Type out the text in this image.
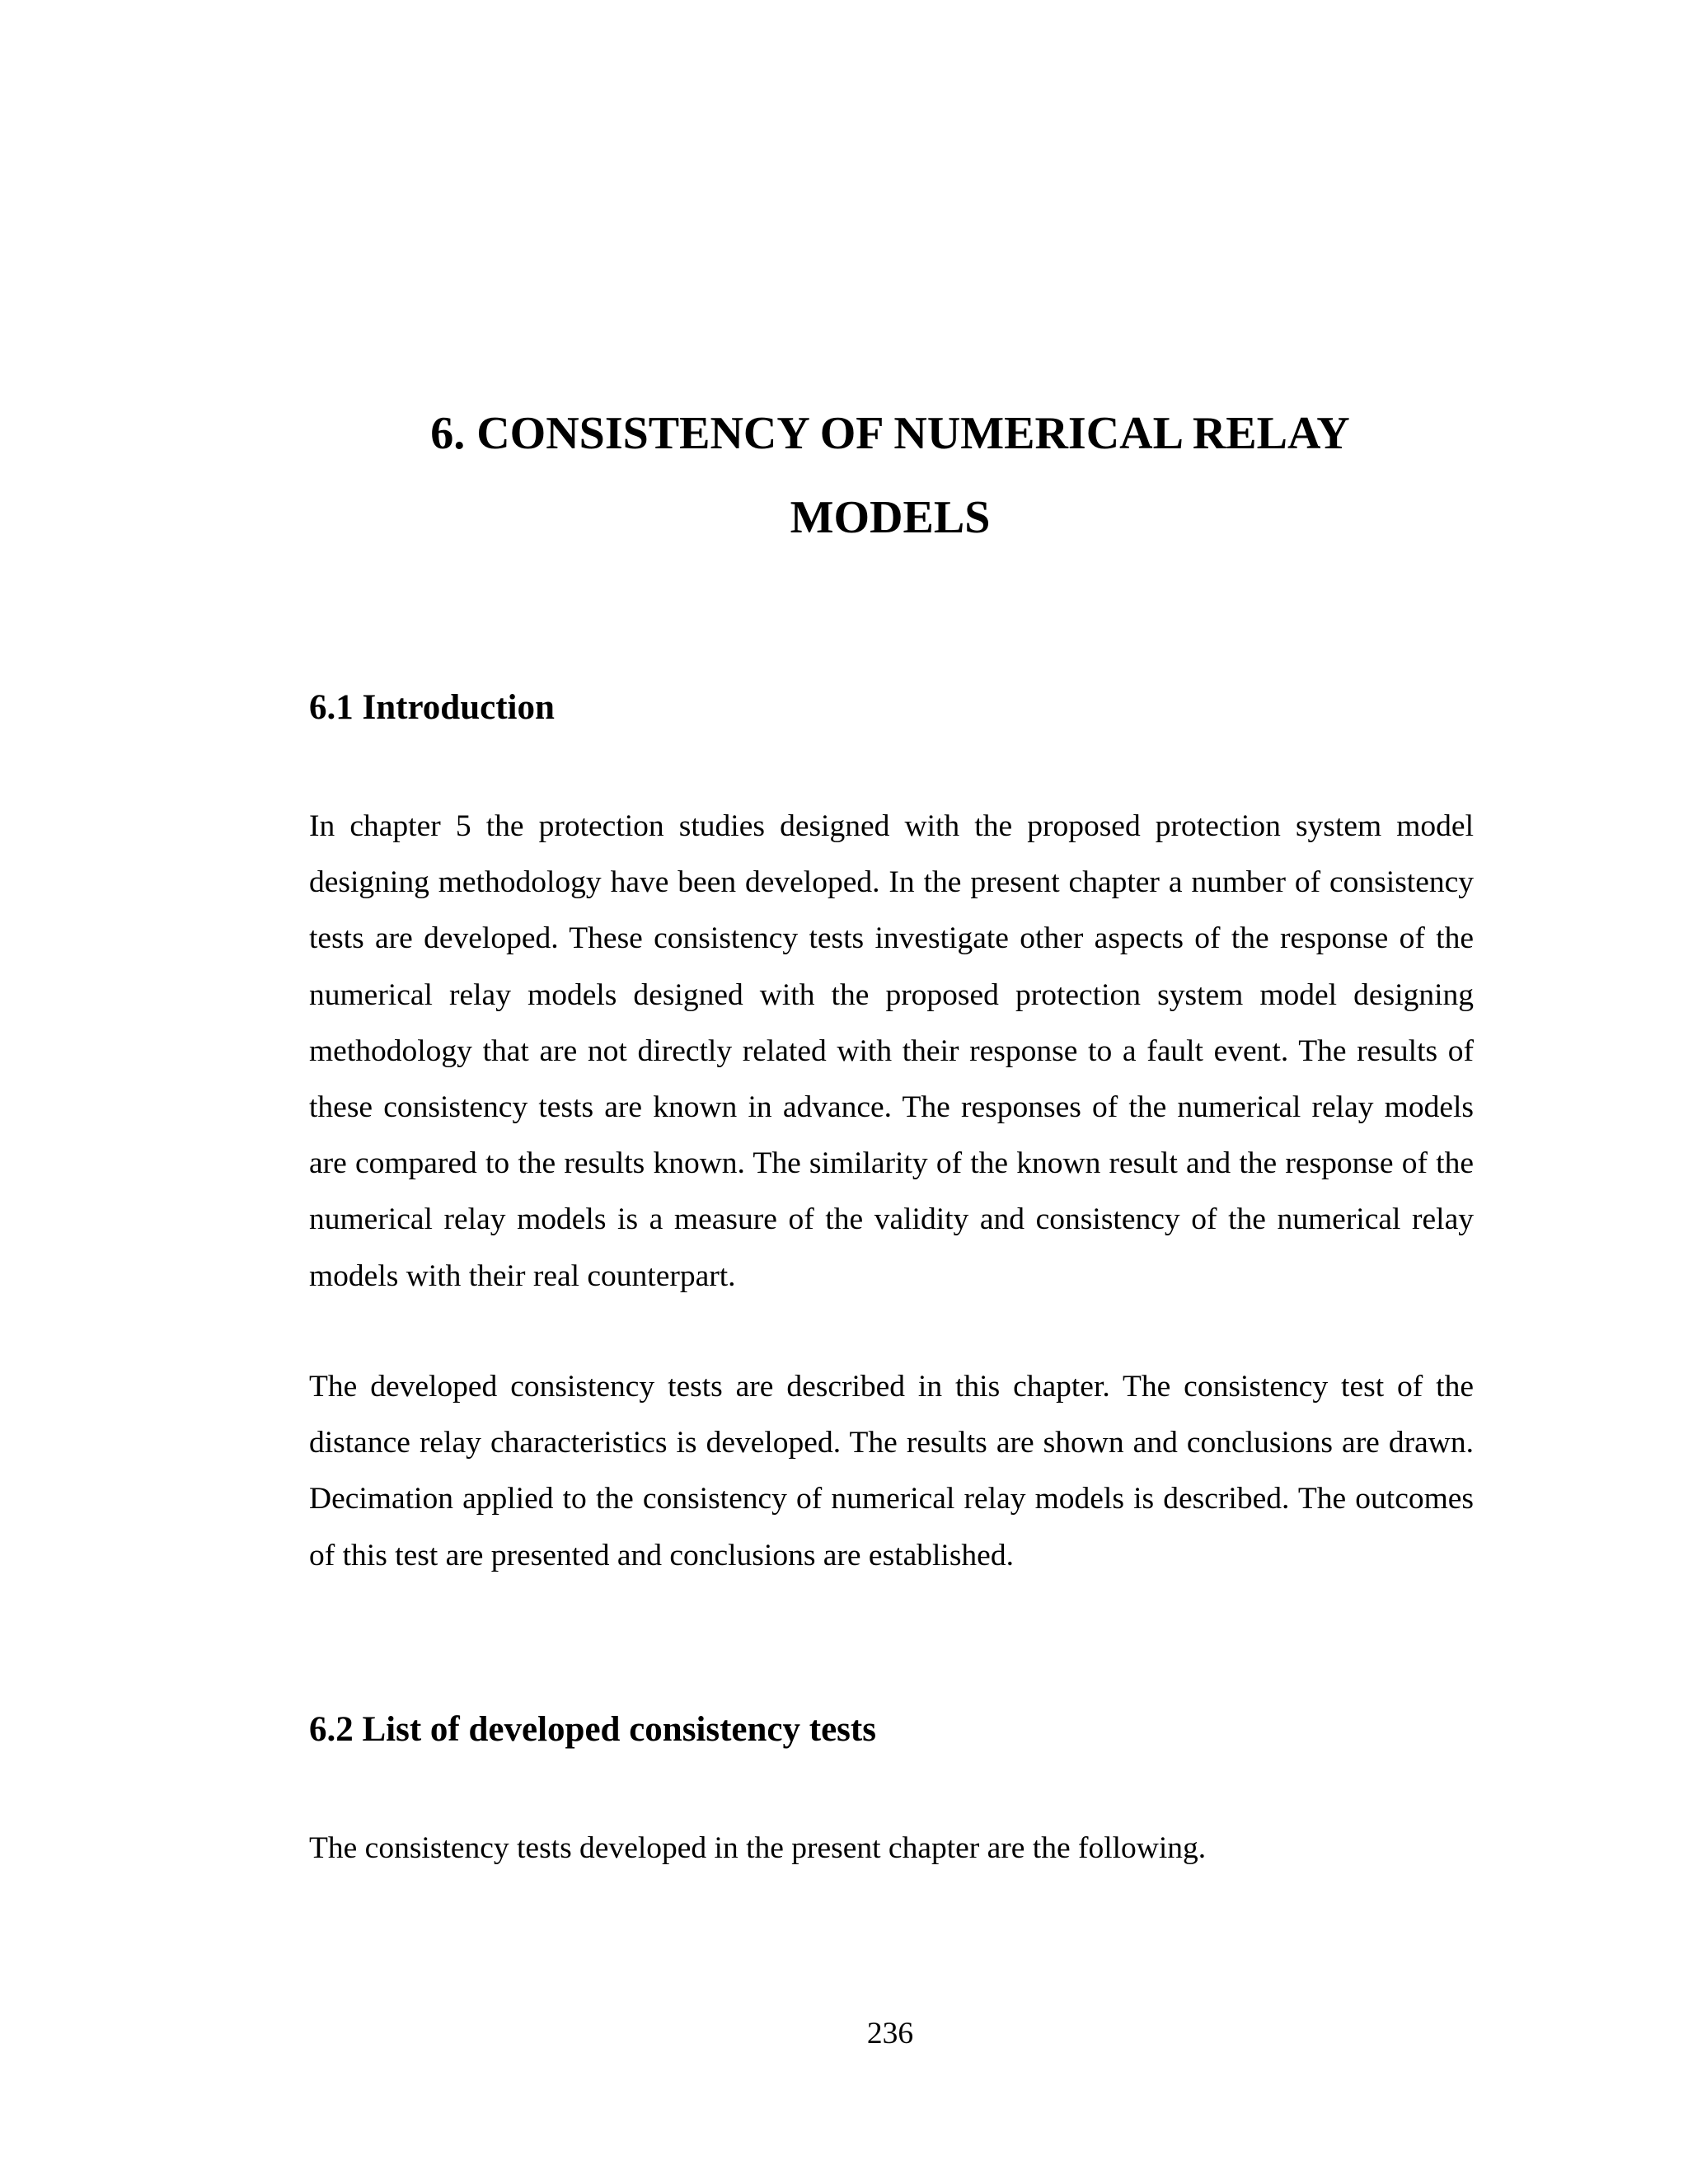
6. CONSISTENCY OF NUMERICAL RELAY
MODELS
6.1 Introduction

In chapter 5 the protection studies designed with the proposed protection system model designing methodology have been developed. In the present chapter a number of consistency tests are developed. These consistency tests investigate other aspects of the response of the numerical relay models designed with the proposed protection system model designing methodology that are not directly related with their response to a fault event. The results of these consistency tests are known in advance. The responses of the numerical relay models are compared to the results known. The similarity of the known result and the response of the numerical relay models is a measure of the validity and consistency of the numerical relay models with their real counterpart.

The developed consistency tests are described in this chapter. The consistency test of the distance relay characteristics is developed. The results are shown and conclusions are drawn. Decimation applied to the consistency of numerical relay models is described. The outcomes of this test are presented and conclusions are established.

6.2 List of developed consistency tests

The consistency tests developed in the present chapter are the following.

236
